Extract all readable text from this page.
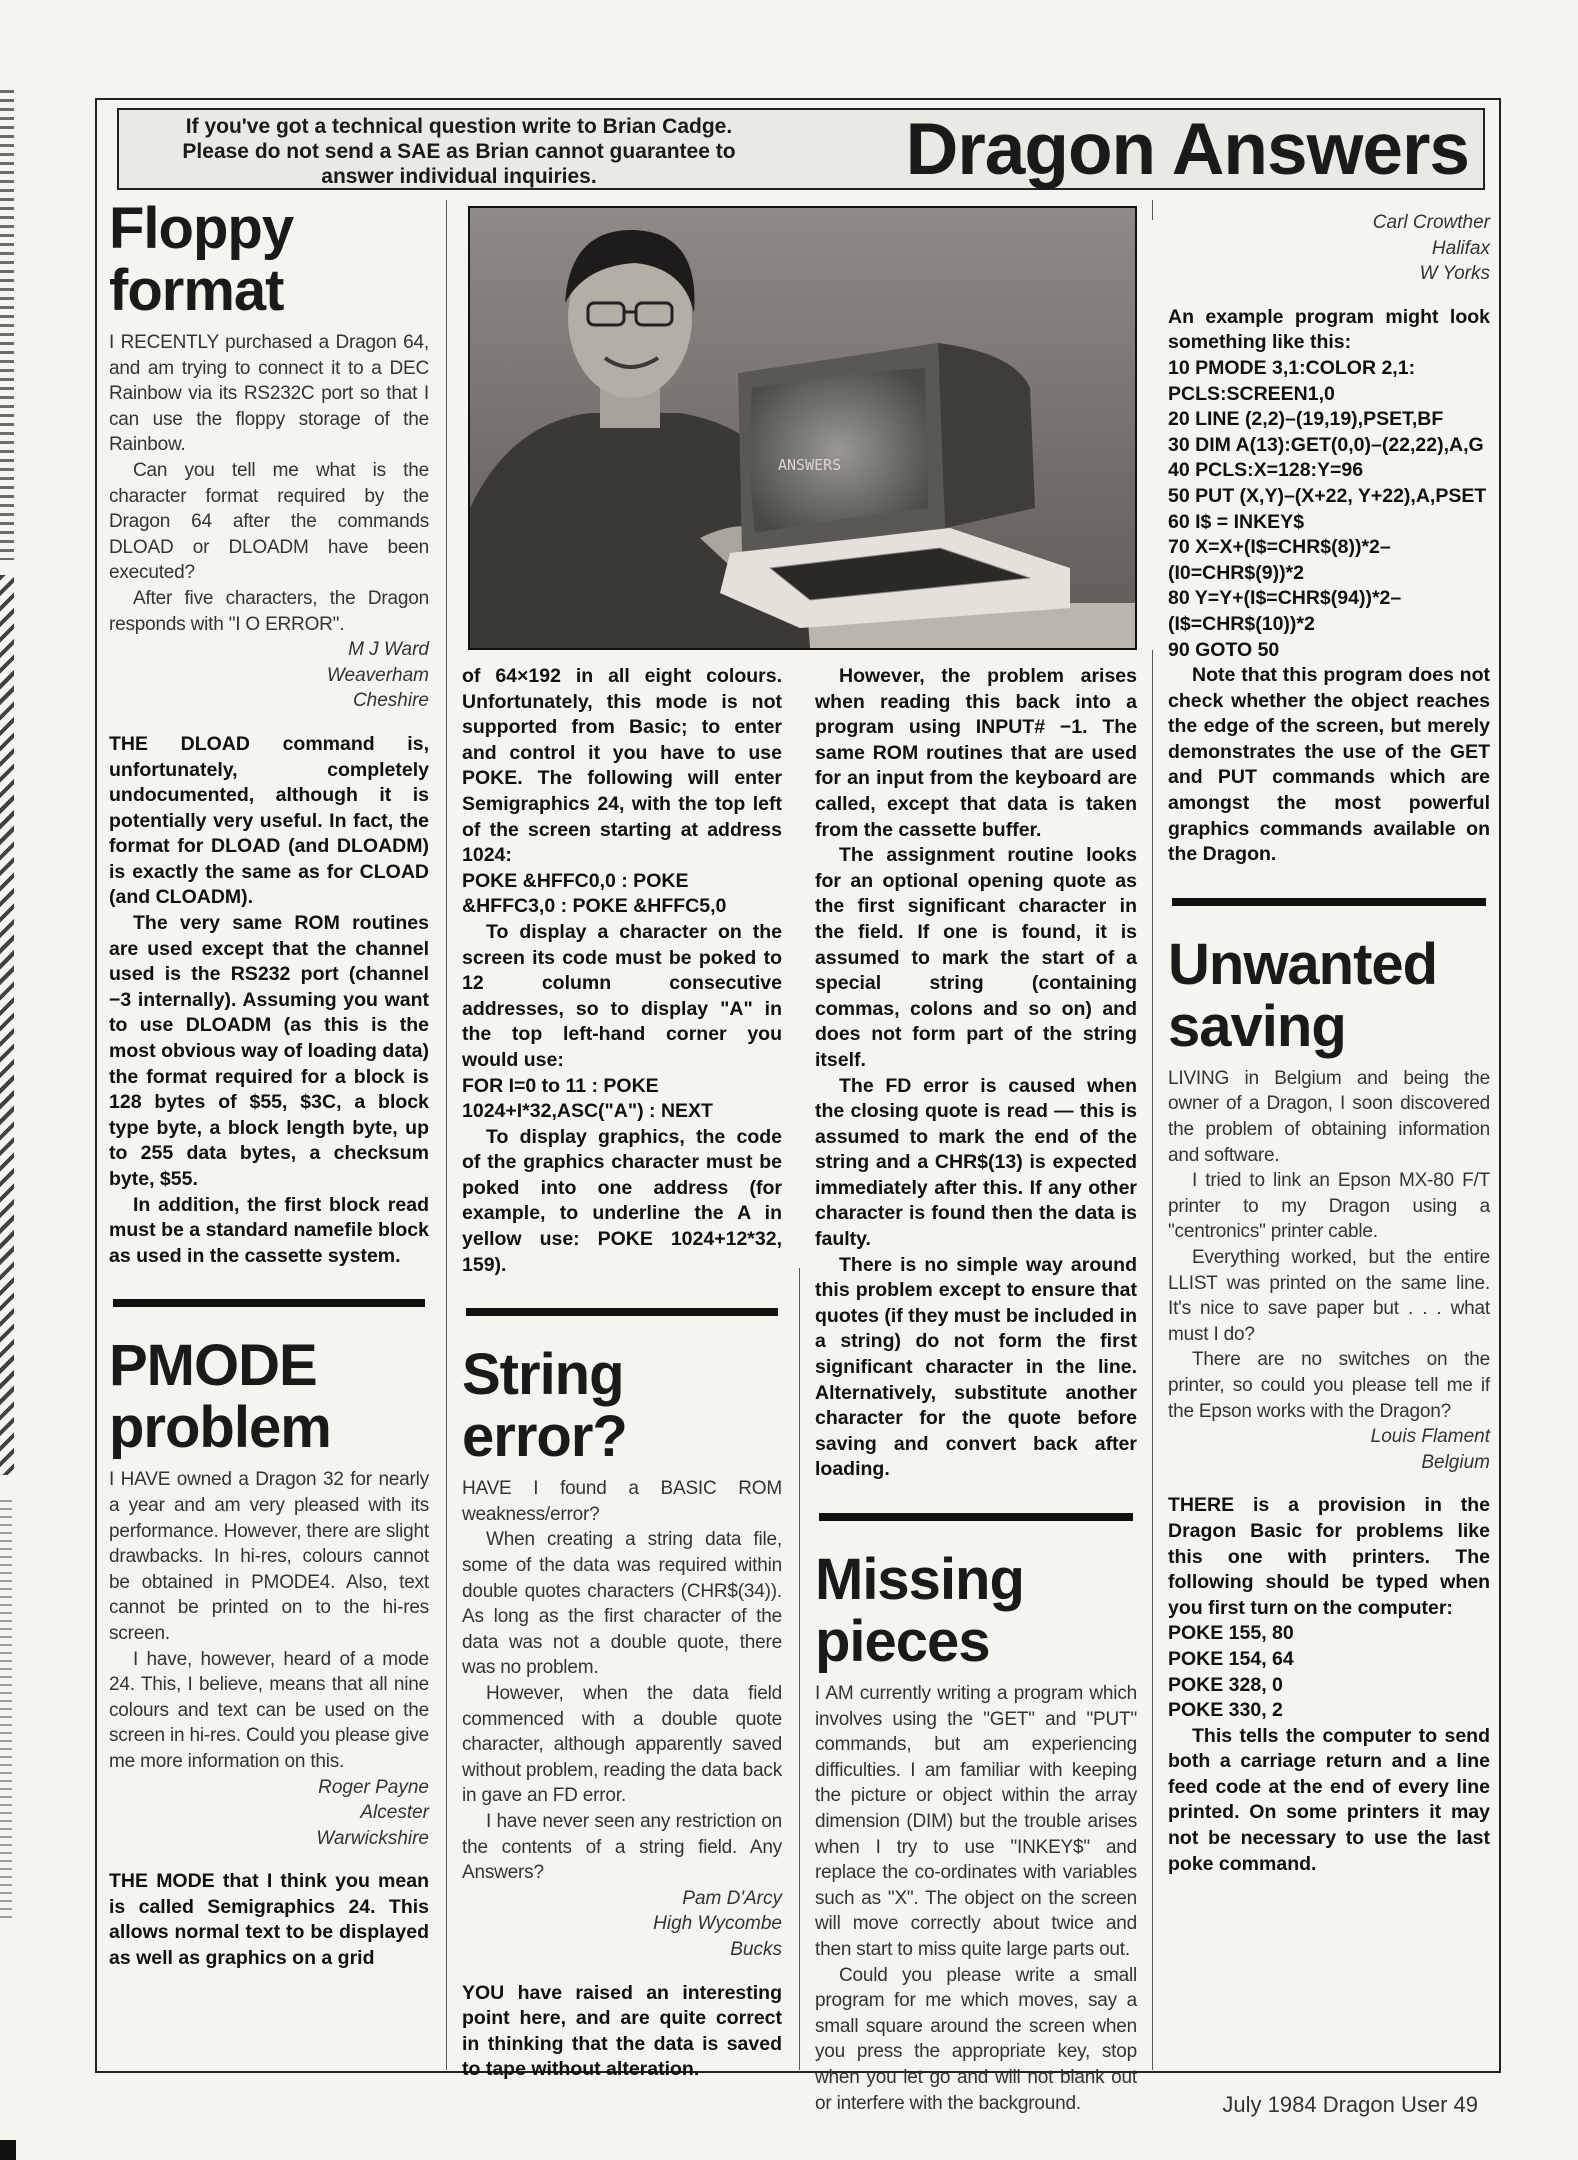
If you've got a technical question write to Brian Cadge.
Please do not send a SAE as Brian cannot guarantee to
answer individual inquiries.	Dragon Answers
Floppy format

I RECENTLY purchased a Dragon 64, and am trying to connect it to a DEC Rainbow via its RS232C port so that I can use the floppy storage of the Rainbow.

Can you tell me what is the character format required by the Dragon 64 after the commands DLOAD or DLOADM have been executed?

After five characters, the Dragon responds with "I O ERROR".

M J Ward

Weaverham

Cheshire

THE DLOAD command is, unfortunately, completely undocumented, although it is potentially very useful. In fact, the format for DLOAD (and DLOADM) is exactly the same as for CLOAD (and CLOADM).

The very same ROM routines are used except that the channel used is the RS232 port (channel −3 internally). Assuming you want to use DLOADM (as this is the most obvious way of loading data) the format required for a block is 128 bytes of $55, $3C, a block type byte, a block length byte, up to 255 data bytes, a checksum byte, $55.

In addition, the first block read must be a standard namefile block as used in the cassette system.

PMODE problem

I HAVE owned a Dragon 32 for nearly a year and am very pleased with its performance. However, there are slight drawbacks. In hi-res, colours cannot be obtained in PMODE4. Also, text cannot be printed on to the hi-res screen.

I have, however, heard of a mode 24. This, I believe, means that all nine colours and text can be used on the screen in hi-res. Could you please give me more information on this.

Roger Payne

Alcester

Warwickshire

THE MODE that I think you mean is called Semigraphics 24. This allows normal text to be displayed as well as graphics on a grid

ANSWERS

of 64×192 in all eight colours. Unfortunately, this mode is not supported from Basic; to enter and control it you have to use POKE. The following will enter Semigraphics 24, with the top left of the screen starting at address 1024:

POKE &HFFC0,0 : POKE &HFFC3,0 : POKE &HFFC5,0

To display a character on the screen its code must be poked to 12 column consecutive addresses, so to display "A" in the top left-hand corner you would use:

FOR I=0 to 11 : POKE 1024+I*32,ASC("A") : NEXT

To display graphics, the code of the graphics character must be poked into one address (for example, to underline the A in yellow use: POKE 1024+12*32, 159).

String error?

HAVE I found a BASIC ROM weakness/error?

When creating a string data file, some of the data was required within double quotes characters (CHR$(34)). As long as the first character of the data was not a double quote, there was no problem.

However, when the data field commenced with a double quote character, although apparently saved without problem, reading the data back in gave an FD error.

I have never seen any restriction on the contents of a string field. Any Answers?

Pam D'Arcy

High Wycombe

Bucks

YOU have raised an interesting point here, and are quite correct in thinking that the data is saved to tape without alteration.

However, the problem arises when reading this back into a program using INPUT# −1. The same ROM routines that are used for an input from the keyboard are called, except that data is taken from the cassette buffer.

The assignment routine looks for an optional opening quote as the first significant character in the field. If one is found, it is assumed to mark the start of a special string (containing commas, colons and so on) and does not form part of the string itself.

The FD error is caused when the closing quote is read — this is assumed to mark the end of the string and a CHR$(13) is expected immediately after this. If any other character is found then the data is faulty.

There is no simple way around this problem except to ensure that quotes (if they must be included in a string) do not form the first significant character in the line. Alternatively, substitute another character for the quote before saving and convert back after loading.

Missing pieces

I AM currently writing a program which involves using the "GET" and "PUT" commands, but am experiencing difficulties. I am familiar with keeping the picture or object within the array dimension (DIM) but the trouble arises when I try to use "INKEY$" and replace the co-ordinates with variables such as "X". The object on the screen will move correctly about twice and then start to miss quite large parts out.

Could you please write a small program for me which moves, say a small square around the screen when you press the appropriate key, stop when you let go and will not blank out or interfere with the background.

Carl Crowther

Halifax

W Yorks

An example program might look something like this:

10 PMODE 3,1:COLOR 2,1: PCLS:SCREEN1,0

20 LINE (2,2)–(19,19),PSET,BF

30 DIM A(13):GET(0,0)–(22,22),A,G

40 PCLS:X=128:Y=96

50 PUT (X,Y)–(X+22, Y+22),A,PSET

60 I$ = INKEY$

70 X=X+(I$=CHR$(8))*2–(I0=CHR$(9))*2

80 Y=Y+(I$=CHR$(94))*2–(I$=CHR$(10))*2

90 GOTO 50

Note that this program does not check whether the object reaches the edge of the screen, but merely demonstrates the use of the GET and PUT commands which are amongst the most powerful graphics commands available on the Dragon.

Unwanted saving

LIVING in Belgium and being the owner of a Dragon, I soon discovered the problem of obtaining information and software.

I tried to link an Epson MX-80 F/T printer to my Dragon using a "centronics" printer cable.

Everything worked, but the entire LLIST was printed on the same line. It's nice to save paper but . . . what must I do?

There are no switches on the printer, so could you please tell me if the Epson works with the Dragon?

Louis Flament

Belgium

THERE is a provision in the Dragon Basic for problems like this one with printers. The following should be typed when you first turn on the computer:

POKE 155, 80

POKE 154, 64

POKE 328, 0

POKE 330, 2

This tells the computer to send both a carriage return and a line feed code at the end of every line printed. On some printers it may not be necessary to use the last poke command.

July 1984 Dragon User 49
